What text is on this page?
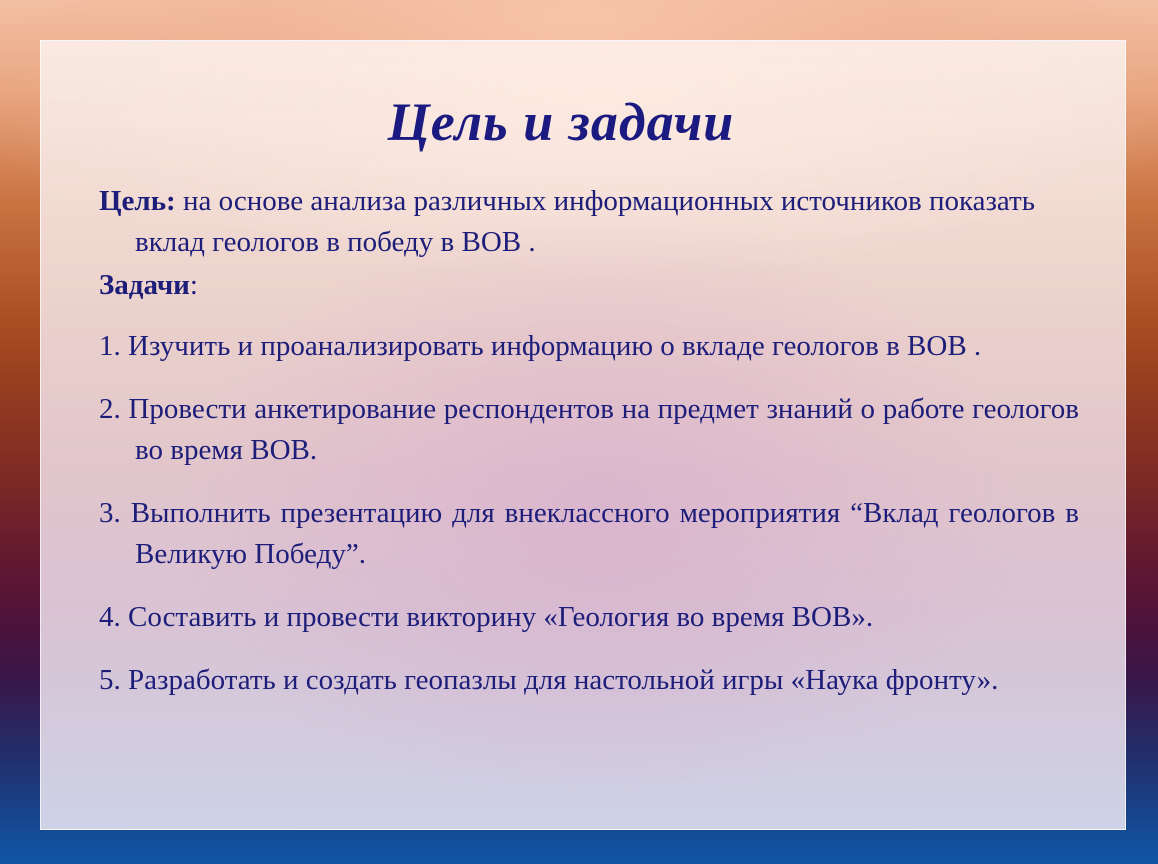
Цель и задачи

Цель: на основе анализа различных информационных источников показать вклад геологов в победу в ВОВ .

Задачи:

1. Изучить и проанализировать информацию о вкладе геологов в ВОВ .

2. Провести анкетирование респондентов на предмет знаний о работе геологов во время ВОВ.

3. Выполнить презентацию для внеклассного мероприятия “Вклад геологов в Великую Победу”.

4. Составить и провести викторину «Геология во время ВОВ».

5. Разработать и создать геопазлы для настольной игры «Наука фронту».
